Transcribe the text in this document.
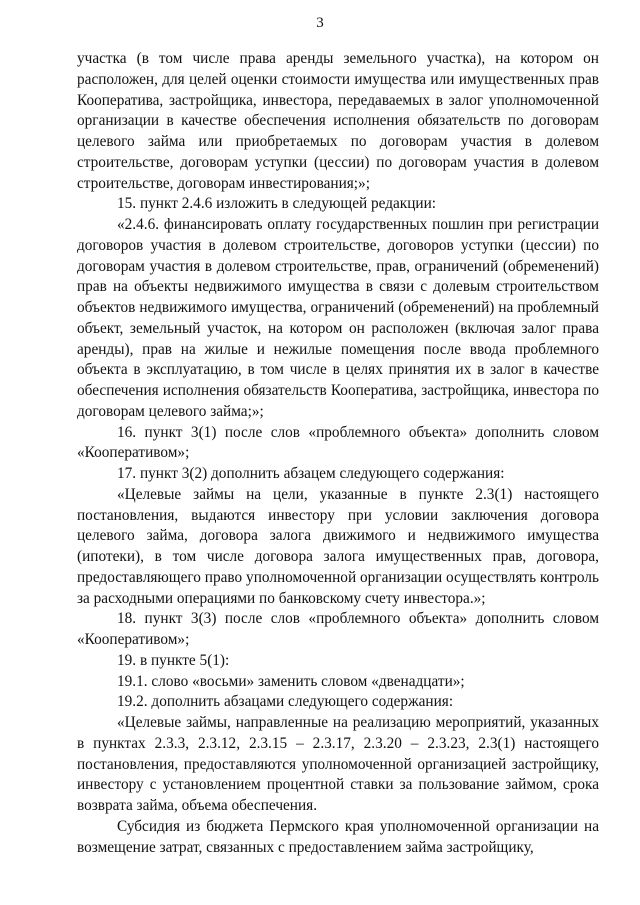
3

участка (в том числе права аренды земельного участка), на котором он расположен, для целей оценки стоимости имущества или имущественных прав Кооператива, застройщика, инвестора, передаваемых в залог уполномоченной организации в качестве обеспечения исполнения обязательств по договорам целевого займа или приобретаемых по договорам участия в долевом строительстве, договорам уступки (цессии) по договорам участия в долевом строительстве, договорам инвестирования;»;

15. пункт 2.4.6 изложить в следующей редакции:

«2.4.6. финансировать оплату государственных пошлин при регистрации договоров участия в долевом строительстве, договоров уступки (цессии) по договорам участия в долевом строительстве, прав, ограничений (обременений) прав на объекты недвижимого имущества в связи с долевым строительством объектов недвижимого имущества, ограничений (обременений) на проблемный объект, земельный участок, на котором он расположен (включая залог права аренды), прав на жилые и нежилые помещения после ввода проблемного объекта в эксплуатацию, в том числе в целях принятия их в залог в качестве обеспечения исполнения обязательств Кооператива, застройщика, инвестора по договорам целевого займа;»;

16. пункт 3(1) после слов «проблемного объекта» дополнить словом «Кооперативом»;

17. пункт 3(2) дополнить абзацем следующего содержания:

«Целевые займы на цели, указанные в пункте 2.3(1) настоящего постановления, выдаются инвестору при условии заключения договора целевого займа, договора залога движимого и недвижимого имущества (ипотеки), в том числе договора залога имущественных прав, договора, предоставляющего право уполномоченной организации осуществлять контроль за расходными операциями по банковскому счету инвестора.»;

18. пункт 3(3) после слов «проблемного объекта» дополнить словом «Кооперативом»;

19. в пункте 5(1):

19.1. слово «восьми» заменить словом «двенадцати»;

19.2. дополнить абзацами следующего содержания:

«Целевые займы, направленные на реализацию мероприятий, указанных в пунктах 2.3.3, 2.3.12, 2.3.15 – 2.3.17, 2.3.20 – 2.3.23, 2.3(1) настоящего постановления, предоставляются уполномоченной организацией застройщику, инвестору с установлением процентной ставки за пользование займом, срока возврата займа, объема обеспечения.

Субсидия из бюджета Пермского края уполномоченной организации на возмещение затрат, связанных с предоставлением займа застройщику,
